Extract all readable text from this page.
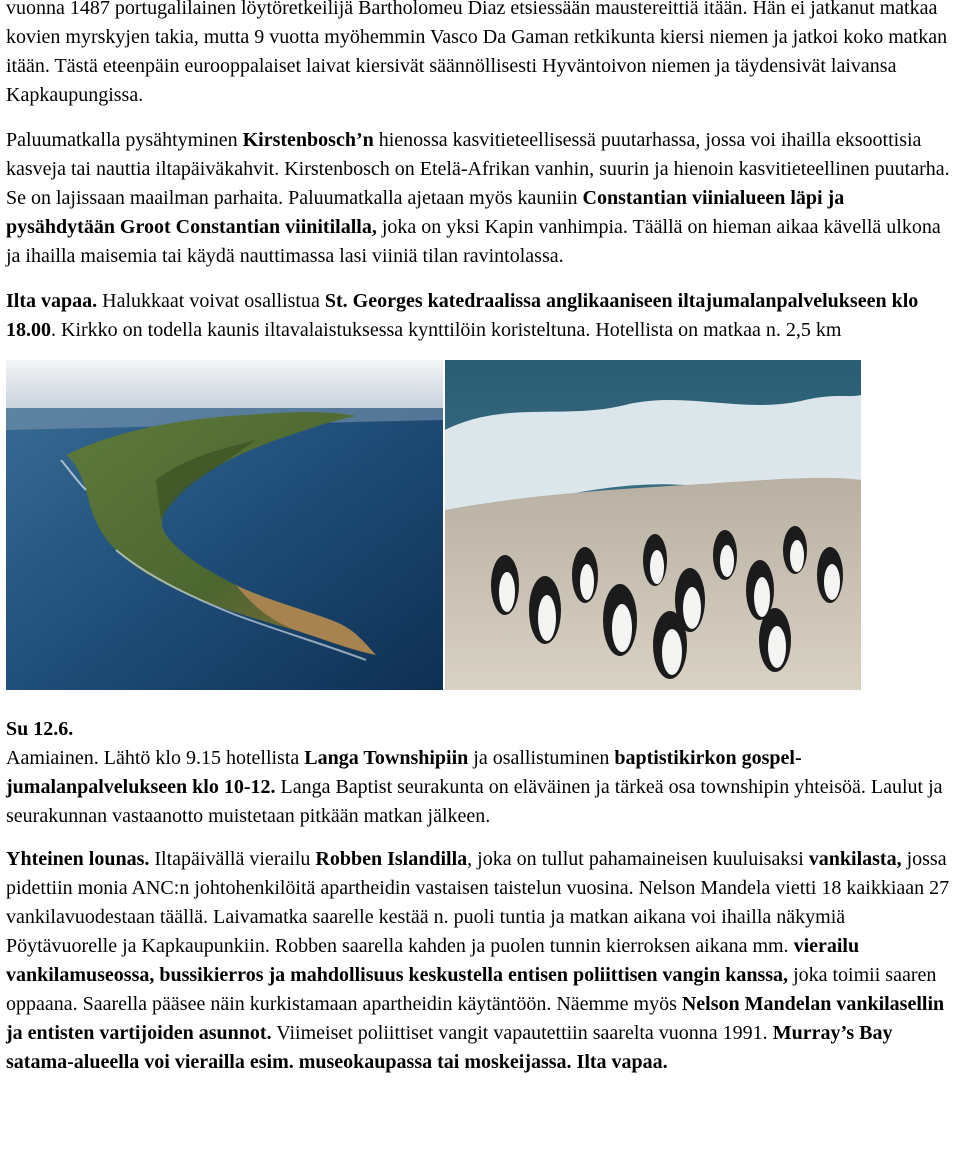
vuonna 1487 portugalilainen löytöretkeilijä Bartholomeu Diaz etsiessään maustereittiä itään. Hän ei jatkanut matkaa kovien myrskyjen takia, mutta 9 vuotta myöhemmin Vasco Da Gaman retkikunta kiersi niemen ja jatkoi koko matkan itään. Tästä eteenpäin eurooppalaiset laivat kiersivät säännöllisesti Hyväntoivon niemen ja täydensivät laivansa Kapkaupungissa.

Paluumatkalla pysähtyminen Kirstenbosch’n hienossa kasvitieteellisessä puutarhassa, jossa voi ihailla eksoottisia kasveja tai nauttia iltapäiväkahvit. Kirstenbosch on Etelä-Afrikan vanhin, suurin ja hienoin kasvitieteellinen puutarha. Se on lajissaan maailman parhaita. Paluumatkalla ajetaan myös kauniin Constantian viinialueen läpi ja pysähdytään Groot Constantian viinitilalla, joka on yksi Kapin vanhimpia. Täällä on hieman aikaa kävellä ulkona ja ihailla maisemia tai käydä nauttimassa lasi viiniä tilan ravintolassa.

Ilta vapaa. Halukkaat voivat osallistua St. Georges katedraalissa anglikaaniseen iltajumalanpalvelukseen klo 18.00. Kirkko on todella kaunis iltavalaistuksessa kynttilöin koristeltuna. Hotellista on matkaa n. 2,5 km

Su 12.6.

Aamiainen. Lähtö klo 9.15 hotellista Langa Townshipiin ja osallistuminen baptistikirkon gospel-jumalanpalvelukseen klo 10-12. Langa Baptist seurakunta on eläväinen ja tärkeä osa townshipin yhteisöä. Laulut ja seurakunnan vastaanotto muistetaan pitkään matkan jälkeen.

Yhteinen lounas. Iltapäivällä vierailu Robben Islandilla, joka on tullut pahamaineisen kuuluisaksi vankilasta, jossa pidettiin monia ANC:n johtohenkilöitä apartheidin vastaisen taistelun vuosina. Nelson Mandela vietti 18 kaikkiaan 27 vankilavuodestaan täällä. Laivamatka saarelle kestää n. puoli tuntia ja matkan aikana voi ihailla näkymiä Pöytävuorelle ja Kapkaupunkiin. Robben saarella kahden ja puolen tunnin kierroksen aikana mm. vierailu vankilamuseossa, bussikierros ja mahdollisuus keskustella entisen poliittisen vangin kanssa, joka toimii saaren oppaana. Saarella pääsee näin kurkistamaan apartheidin käytäntöön. Näemme myös Nelson Mandelan vankilasellin ja entisten vartijoiden asunnot. Viimeiset poliittiset vangit vapautettiin saarelta vuonna 1991. Murray’s Bay satama-alueella voi vierailla esim. museokaupassa tai moskeijassa. Ilta vapaa.
